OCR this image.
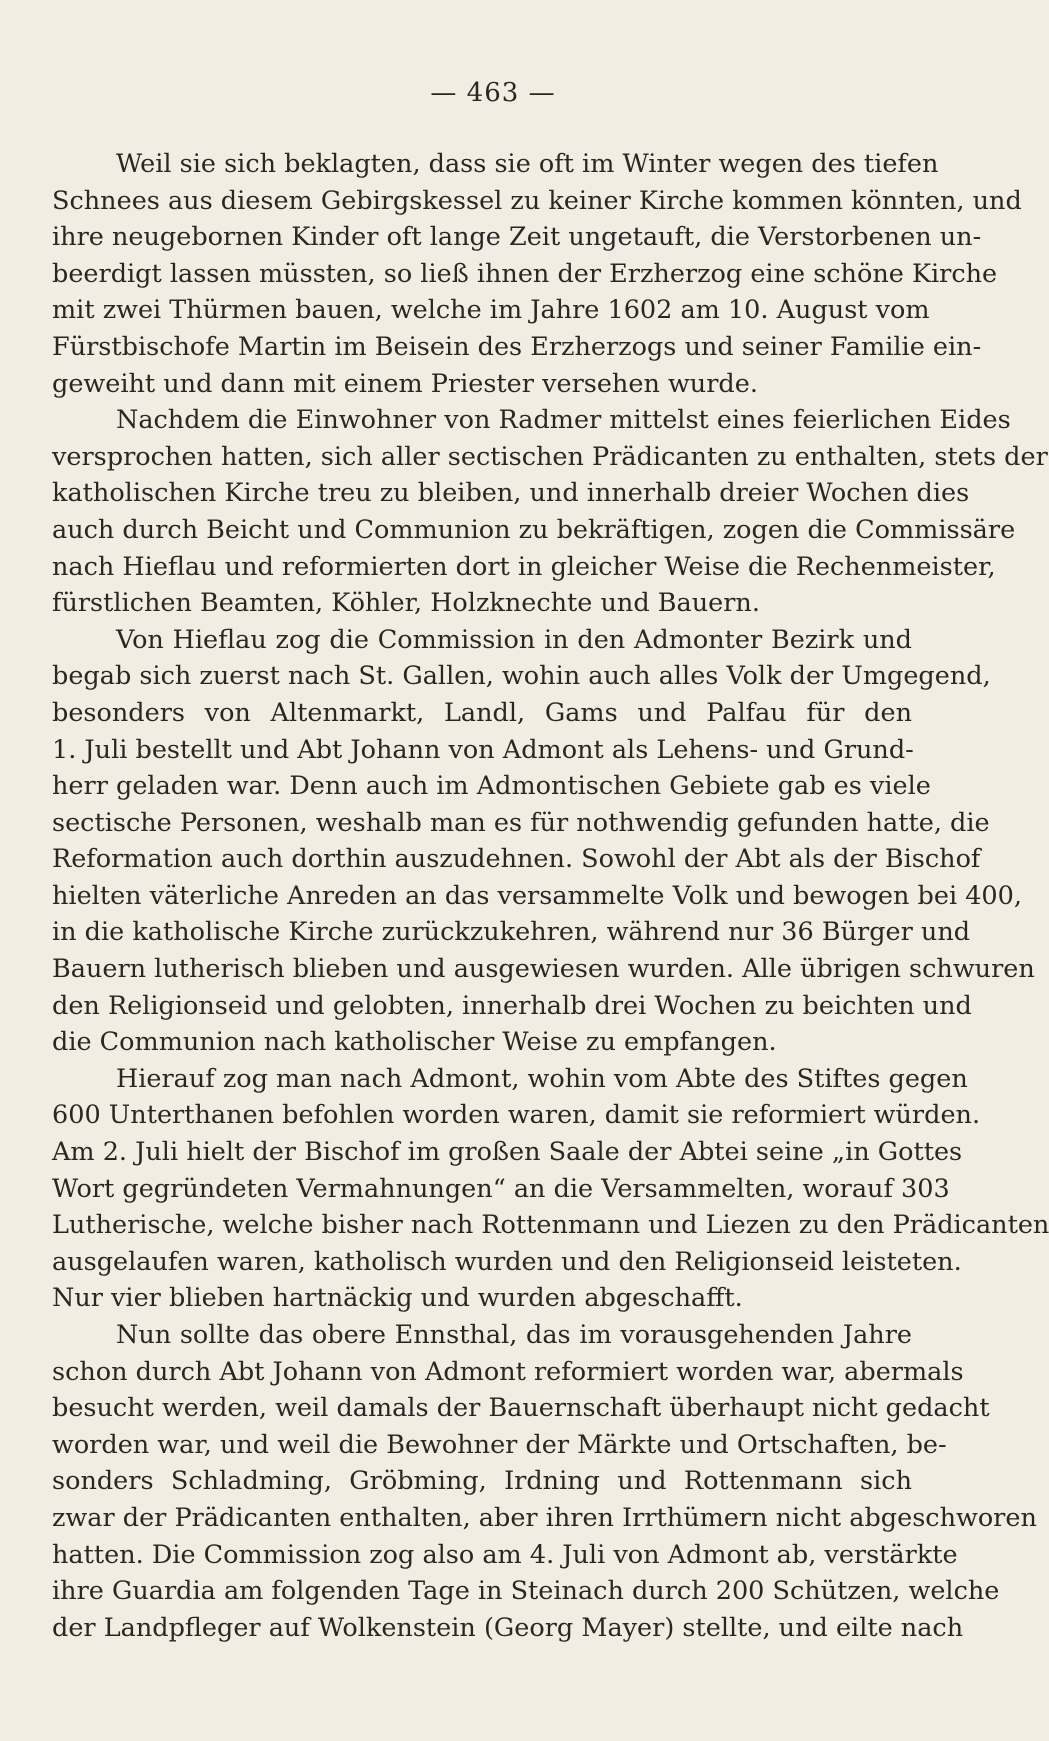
— 463 —

Weil sie sich beklagten, dass sie oft im Winter wegen des tiefen
Schnees aus diesem Gebirgskessel zu keiner Kirche kommen könnten, und
ihre neugebornen Kinder oft lange Zeit ungetauft, die Verstorbenen un-
beerdigt lassen müssten, so ließ ihnen der Erzherzog eine schöne Kirche
mit zwei Thürmen bauen, welche im Jahre 1602 am 10. August vom
Fürstbischofe Martin im Beisein des Erzherzogs und seiner Familie ein-
geweiht und dann mit einem Priester versehen wurde.

Nachdem die Einwohner von Radmer mittelst eines feierlichen Eides
versprochen hatten, sich aller sectischen Prädicanten zu enthalten, stets der
katholischen Kirche treu zu bleiben, und innerhalb dreier Wochen dies
auch durch Beicht und Communion zu bekräftigen, zogen die Commissäre
nach Hieflau und reformierten dort in gleicher Weise die Rechenmeister,
fürstlichen Beamten, Köhler, Holzknechte und Bauern.

Von Hieflau zog die Commission in den Admonter Bezirk und
begab sich zuerst nach St. Gallen, wohin auch alles Volk der Umgegend,
besonders von Altenmarkt, Landl, Gams und Palfau für den
1. Juli bestellt und Abt Johann von Admont als Lehens- und Grund-
herr geladen war. Denn auch im Admontischen Gebiete gab es viele
sectische Personen, weshalb man es für nothwendig gefunden hatte, die
Reformation auch dorthin auszudehnen. Sowohl der Abt als der Bischof
hielten väterliche Anreden an das versammelte Volk und bewogen bei 400,
in die katholische Kirche zurückzukehren, während nur 36 Bürger und
Bauern lutherisch blieben und ausgewiesen wurden. Alle übrigen schwuren
den Religionseid und gelobten, innerhalb drei Wochen zu beichten und
die Communion nach katholischer Weise zu empfangen.

Hierauf zog man nach Admont, wohin vom Abte des Stiftes gegen
600 Unterthanen befohlen worden waren, damit sie reformiert würden.
Am 2. Juli hielt der Bischof im großen Saale der Abtei seine „in Gottes
Wort gegründeten Vermahnungen“ an die Versammelten, worauf 303
Lutherische, welche bisher nach Rottenmann und Liezen zu den Prädicanten
ausgelaufen waren, katholisch wurden und den Religionseid leisteten.
Nur vier blieben hartnäckig und wurden abgeschafft.

Nun sollte das obere Ennsthal, das im vorausgehenden Jahre
schon durch Abt Johann von Admont reformiert worden war, abermals
besucht werden, weil damals der Bauernschaft überhaupt nicht gedacht
worden war, und weil die Bewohner der Märkte und Ortschaften, be-
sonders Schladming, Gröbming, Irdning und Rottenmann sich
zwar der Prädicanten enthalten, aber ihren Irrthümern nicht abgeschworen
hatten. Die Commission zog also am 4. Juli von Admont ab, verstärkte
ihre Guardia am folgenden Tage in Steinach durch 200 Schützen, welche
der Landpfleger auf Wolkenstein (Georg Mayer) stellte, und eilte nach
